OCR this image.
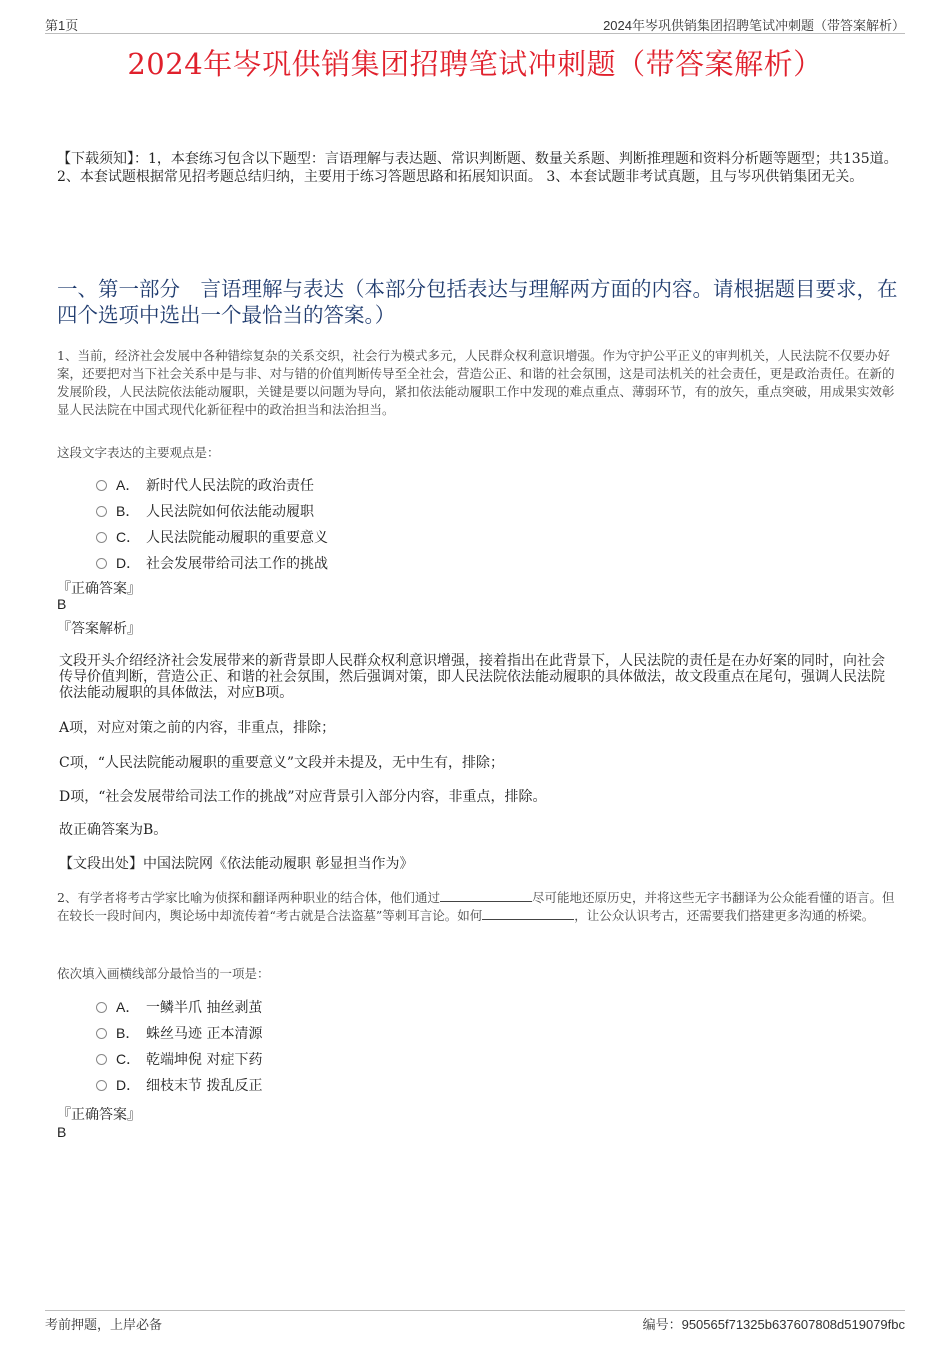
第1页	2024年岑巩供销集团招聘笔试冲刺题（带答案解析）
2024年岑巩供销集团招聘笔试冲刺题（带答案解析）
【下载须知】：1，本套练习包含以下题型：言语理解与表达题、常识判断题、数量关系题、判断推理题和资料分析题等题型；共135道。 2、本套试题根据常见招考题总结归纳，主要用于练习答题思路和拓展知识面。 3、本套试题非考试真题，且与岑巩供销集团无关。
一、第一部分　言语理解与表达（本部分包括表达与理解两方面的内容。请根据题目要求，在四个选项中选出一个最恰当的答案。）
1、当前，经济社会发展中各种错综复杂的关系交织，社会行为模式多元，人民群众权利意识增强。作为守护公平正义的审判机关，人民法院不仅要办好案，还要把对当下社会关系中是与非、对与错的价值判断传导至全社会，营造公正、和谐的社会氛围，这是司法机关的社会责任，更是政治责任。在新的发展阶段，人民法院依法能动履职，关键是要以问题为导向，紧扣依法能动履职工作中发现的难点重点、薄弱环节，有的放矢，重点突破，用成果实效彰显人民法院在中国式现代化新征程中的政治担当和法治担当。
这段文字表达的主要观点是：
A． 新时代人民法院的政治责任
B． 人民法院如何依法能动履职
C． 人民法院能动履职的重要意义
D． 社会发展带给司法工作的挑战
『正确答案』
B
『答案解析』
文段开头介绍经济社会发展带来的新背景即人民群众权利意识增强，接着指出在此背景下，人民法院的责任是在办好案的同时，向社会传导价值判断，营造公正、和谐的社会氛围，然后强调对策，即人民法院依法能动履职的具体做法，故文段重点在尾句，强调人民法院依法能动履职的具体做法，对应B项。
A项，对应对策之前的内容，非重点，排除；
C项，“人民法院能动履职的重要意义”文段并未提及，无中生有，排除；
D项，“社会发展带给司法工作的挑战”对应背景引入部分内容，非重点，排除。
故正确答案为B。
【文段出处】中国法院网《依法能动履职 彰显担当作为》
2、有学者将考古学家比喻为侦探和翻译两种职业的结合体，他们通过	尽可能地还原历史，并将这些无字书翻译为公众能看懂的语言。但在较长一段时间内，舆论场中却流传着“考古就是合法盗墓”等刺耳言论。如何	，让公众认识考古，还需要我们搭建更多沟通的桥梁。
依次填入画横线部分最恰当的一项是：
A． 一鳞半爪 抽丝剥茧
B． 蛛丝马迹 正本清源
C． 乾端坤倪 对症下药
D． 细枝末节 拨乱反正
『正确答案』
B
考前押题，上岸必备	编号：950565f71325b637607808d519079fbc
